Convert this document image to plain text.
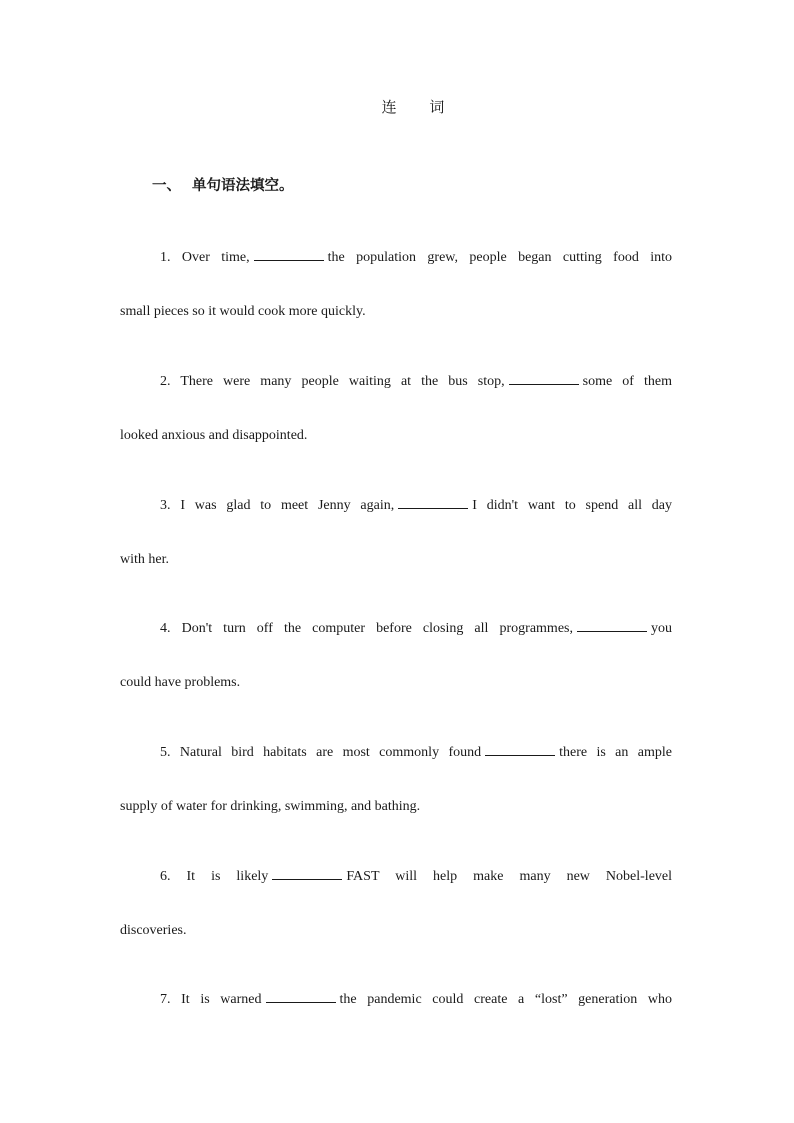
连 词
一、 单句语法填空。
1. Over time,	the population grew, people began cutting food into
small pieces so it would cook more quickly.
2. There were many people waiting at the bus stop,	some of them
looked anxious and disappointed.
3. I was glad to meet Jenny again,	I didn't want to spend all day
with her.
4. Don't turn off the computer before closing all programmes,	you
could have problems.
5. Natural bird habitats are most commonly found	there is an ample
supply of water for drinking, swimming, and bathing.
6. It is likely	FAST will help make many new Nobel-level
discoveries.
7. It is warned	the pandemic could create a “lost” generation who
